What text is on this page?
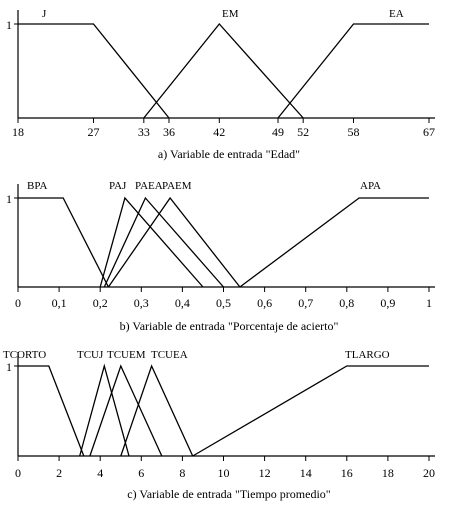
1
18	27	33 36	42	49 52	58	67
J	EM	EA
a) Variable de entrada "Edad"
1
0	0,1 0,2 0,3 0,4 0,5 0,6 0,7 0,8 0,9	1
BPA	PAJ PAEA PAEM	APA
b) Variable de entrada "Porcentaje de acierto"
1
0	2	4	6	8	10 12 14 16 18 20
TCORTO	TCUJ TCUEM TCUEA	TLARGO
c) Variable de entrada "Tiempo promedio"
